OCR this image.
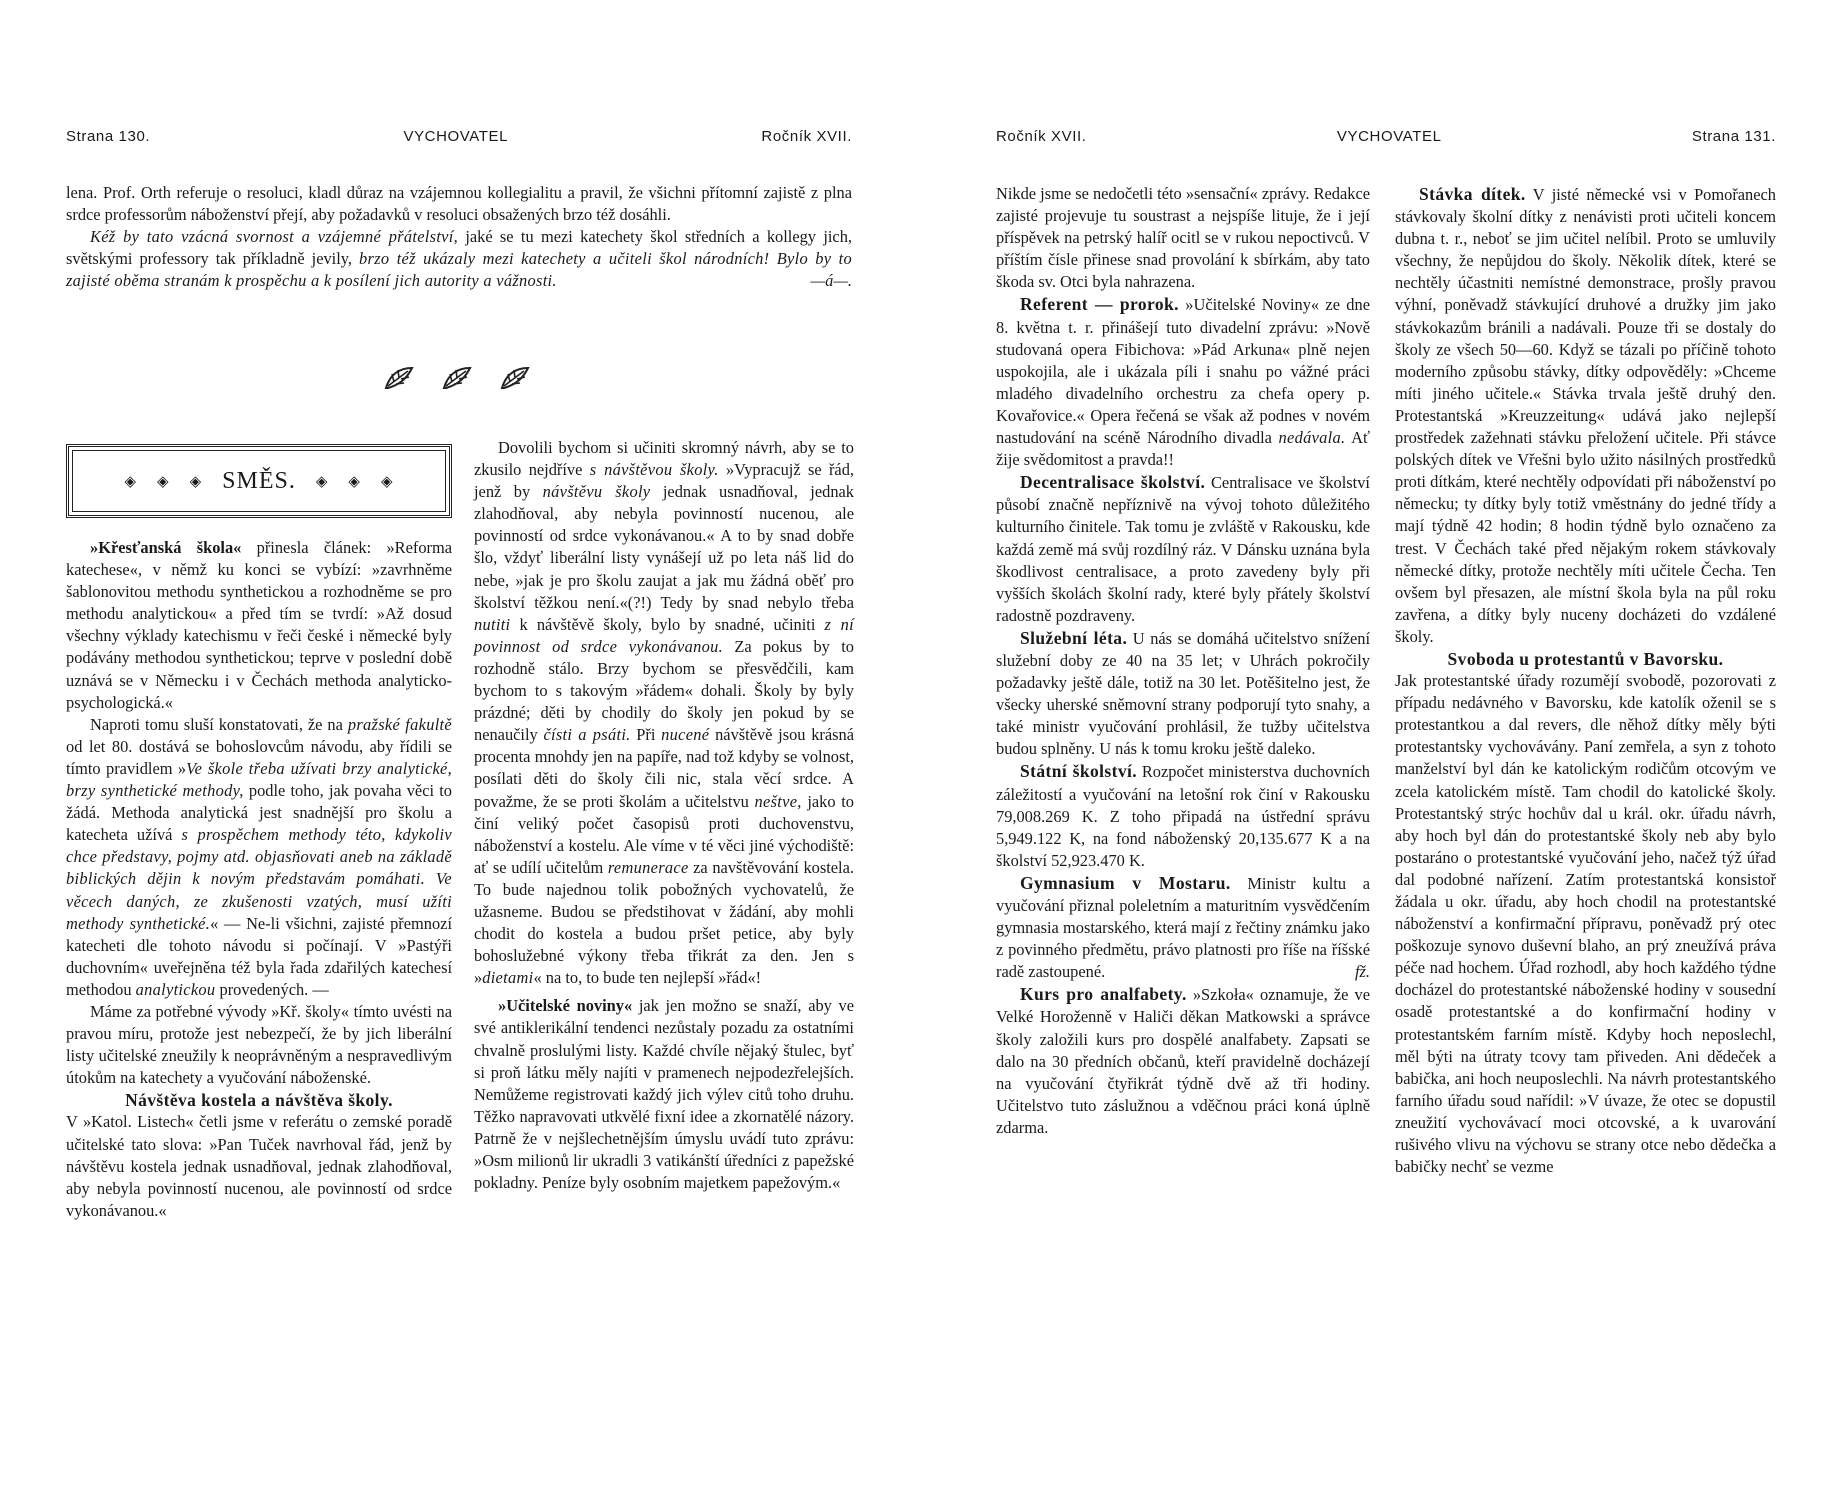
Strana 130.	VYCHOVATEL	Ročník XVII.

lena. Prof. Orth referuje o resoluci, kladl důraz na vzájemnou kollegialitu a pravil, že všichni přítomní zajistě z plna srdce professorům náboženství přejí, aby požadavků v resoluci obsažených brzo též dosáhli.

Kéž by tato vzácná svornost a vzájemné přátelství, jaké se tu mezi katechety škol středních a kollegy jich, světskými professory tak příkladně jevily, brzo též ukázaly mezi katechety a učiteli škol národních! Bylo by to zajisté oběma stranám k prospěchu a k posílení jich autority a vážnosti.	—á—.

◈ ◈ ◈ SMĚS. ◈ ◈ ◈

»Křesťanská škola« přinesla článek: »Reforma katechese«, v němž ku konci se vybízí: »zavrhněme šablonovitou methodu synthetickou a rozhodněme se pro methodu analytickou« a před tím se tvrdí: »Až dosud všechny výklady katechismu v řeči české i německé byly podávány methodou synthetickou; teprve v poslední době uznává se v Německu i v Čechách methoda analyticko-psychologická.«

Naproti tomu sluší konstatovati, že na pražské fakultě od let 80. dostává se bohoslovcům návodu, aby řídili se tímto pravidlem »Ve škole třeba užívati brzy analytické, brzy synthetické methody, podle toho, jak povaha věci to žádá. Methoda analytická jest snadnější pro školu a katecheta užívá s prospěchem methody této, kdykoliv chce představy, pojmy atd. objasňovati aneb na základě biblických dějin k novým představám pomáhati. Ve věcech daných, ze zkušenosti vzatých, musí užíti methody synthetické.« — Ne-li všichni, zajisté přemnozí katecheti dle tohoto návodu si počínají. V »Pastýři duchovním« uveřejněna též byla řada zdařilých katechesí methodou analytickou provedených. —

Máme za potřebné vývody »Kř. školy« tímto uvésti na pravou míru, protože jest nebezpečí, že by jich liberální listy učitelské zneužily k neoprávněným a nespravedlivým útokům na katechety a vyučování náboženské.

Návštěva kostela a návštěva školy.

V »Katol. Listech« četli jsme v referátu o zemské poradě učitelské tato slova: »Pan Tuček navrhoval řád, jenž by návštěvu kostela jednak usnadňoval, jednak zlahodňoval, aby nebyla povinností nucenou, ale povinností od srdce vykonávanou.«

Dovolili bychom si učiniti skromný návrh, aby se to zkusilo nejdříve s návštěvou školy. »Vypracujž se řád, jenž by návštěvu školy jednak usnadňoval, jednak zlahodňoval, aby nebyla povinností nucenou, ale povinností od srdce vykonávanou.« A to by snad dobře šlo, vždyť liberální listy vynášejí už po leta náš lid do nebe, »jak je pro školu zaujat a jak mu žádná oběť pro školství těžkou není.«(?!) Tedy by snad nebylo třeba nutiti k návštěvě školy, bylo by snadné, učiniti z ní povinnost od srdce vykonávanou. Za pokus by to rozhodně stálo. Brzy bychom se přesvědčili, kam bychom to s takovým »řádem« dohali. Školy by byly prázdné; děti by chodily do školy jen pokud by se nenaučily čísti a psáti. Při nucené návštěvě jsou krásná procenta mnohdy jen na papíře, nad tož kdyby se volnost, posílati děti do školy čili nic, stala věcí srdce. A považme, že se proti školám a učitelstvu neštve, jako to činí veliký počet časopisů proti duchovenstvu, náboženství a kostelu. Ale víme v té věci jiné východiště: ať se udílí učitelům remunerace za navštěvování kostela. To bude najednou tolik pobožných vychovatelů, že užasneme. Budou se předstihovat v žádání, aby mohli chodit do kostela a budou pršet petice, aby byly bohoslužebné výkony třeba třikrát za den. Jen s »dietami« na to, to bude ten nejlepší »řád«!

»Učitelské noviny« jak jen možno se snaží, aby ve své antiklerikální tendenci nezůstaly pozadu za ostatními chvalně proslulými listy. Každé chvíle nějaký štulec, byť si proň látku měly najíti v pramenech nejpodezřelejších. Nemůžeme registrovati každý jich výlev citů toho druhu. Těžko napravovati utkvělé fixní idee a zkornatělé názory. Patrně že v nejšlechetnějším úmyslu uvádí tuto zprávu: »Osm milionů lir ukradli 3 vatikánští úředníci z papežské pokladny. Peníze byly osobním majetkem papežovým.«

Ročník XVII.	VYCHOVATEL	Strana 131.

Nikde jsme se nedočetli této »sensační« zprávy. Redakce zajisté projevuje tu soustrast a nejspíše lituje, že i její příspěvek na petrský halíř ocitl se v rukou nepoctivců. V příštím čísle přinese snad provolání k sbírkám, aby tato škoda sv. Otci byla nahrazena.

Referent — prorok. »Učitelské Noviny« ze dne 8. května t. r. přinášejí tuto divadelní zprávu: »Nově studovaná opera Fibichova: »Pád Arkuna« plně nejen uspokojila, ale i ukázala píli i snahu po vážné práci mladého divadelního orchestru za chefa opery p. Kovařovice.« Opera řečená se však až podnes v novém nastudování na scéně Národního divadla nedávala. Ať žije svědomitost a pravda!!

Decentralisace školství. Centralisace ve školství působí značně nepříznivě na vývoj tohoto důležitého kulturního činitele. Tak tomu je zvláště v Rakousku, kde každá země má svůj rozdílný ráz. V Dánsku uznána byla škodlivost centralisace, a proto zavedeny byly při vyšších školách školní rady, které byly přátely školství radostně pozdraveny.

Služební léta. U nás se domáhá učitelstvo snížení služební doby ze 40 na 35 let; v Uhrách pokročily požadavky ještě dále, totiž na 30 let. Potěšitelno jest, že všecky uherské sněmovní strany podporují tyto snahy, a také ministr vyučování prohlásil, že tužby učitelstva budou splněny. U nás k tomu kroku ještě daleko.

Státní školství. Rozpočet ministerstva duchovních záležitostí a vyučování na letošní rok činí v Rakousku 79,008.269 K. Z toho připadá na ústřední správu 5,949.122 K, na fond náboženský 20,135.677 K a na školství 52,923.470 K.

Gymnasium v Mostaru. Ministr kultu a vyučování přiznal poleletním a maturitním vysvědčením gymnasia mostarského, která mají z řečtiny známku jako z povinného předmětu, právo platnosti pro říše na říšské radě zastoupené.	fž.

Kurs pro analfabety. »Szkoła« oznamuje, že ve Velké Horoženně v Haliči děkan Matkowski a správce školy založili kurs pro dospělé analfabety. Zapsati se dalo na 30 předních občanů, kteří pravidelně docházejí na vyučování čtyřikrát týdně dvě až tři hodiny. Učitelstvo tuto záslužnou a vděčnou práci koná úplně zdarma.

Stávka dítek. V jisté německé vsi v Pomořanech stávkovaly školní dítky z nenávisti proti učiteli koncem dubna t. r., neboť se jim učitel nelíbil. Proto se umluvily všechny, že nepůjdou do školy. Několik dítek, které se nechtěly účastniti nemístné demonstrace, prošly pravou výhní, poněvadž stávkující druhové a družky jim jako stávkokazům bránili a nadávali. Pouze tři se dostaly do školy ze všech 50—60. Když se tázali po příčině tohoto moderního způsobu stávky, dítky odpověděly: »Chceme míti jiného učitele.« Stávka trvala ještě druhý den. Protestantská »Kreuzzeitung« udává jako nejlepší prostředek zažehnati stávku přeložení učitele. Při stávce polských dítek ve Vřešni bylo užito násilných prostředků proti dítkám, které nechtěly odpovídati při náboženství po německu; ty dítky byly totiž vměstnány do jedné třídy a mají týdně 42 hodin; 8 hodin týdně bylo označeno za trest. V Čechách také před nějakým rokem stávkovaly německé dítky, protože nechtěly míti učitele Čecha. Ten ovšem byl přesazen, ale místní škola byla na půl roku zavřena, a dítky byly nuceny docházeti do vzdálené školy.

Svoboda u protestantů v Bavorsku.

Jak protestantské úřady rozumějí svobodě, pozorovati z případu nedávného v Bavorsku, kde katolík oženil se s protestantkou a dal revers, dle něhož dítky měly býti protestantsky vychovávány. Paní zemřela, a syn z tohoto manželství byl dán ke katolickým rodičům otcovým ve zcela katolickém místě. Tam chodil do katolické školy. Protestantský strýc hochův dal u král. okr. úřadu návrh, aby hoch byl dán do protestantské školy neb aby bylo postaráno o protestantské vyučování jeho, načež týž úřad dal podobné nařízení. Zatím protestantská konsistoř žádala u okr. úřadu, aby hoch chodil na protestantské náboženství a konfirmační přípravu, poněvadž prý otec poškozuje synovo duševní blaho, an prý zneužívá práva péče nad hochem. Úřad rozhodl, aby hoch každého týdne docházel do protestantské náboženské hodiny v sousední osadě protestantské a do konfirmační hodiny v protestantském farním místě. Kdyby hoch neposlechl, měl býti na útraty tcovy tam přiveden. Ani dědeček a babička, ani hoch neuposlechli. Na návrh protestantského farního úřadu soud nařídil: »V úvaze, že otec se dopustil zneužití vychovávací moci otcovské, a k uvarování rušivého vlivu na výchovu se strany otce nebo dědečka a babičky nechť se vezme
